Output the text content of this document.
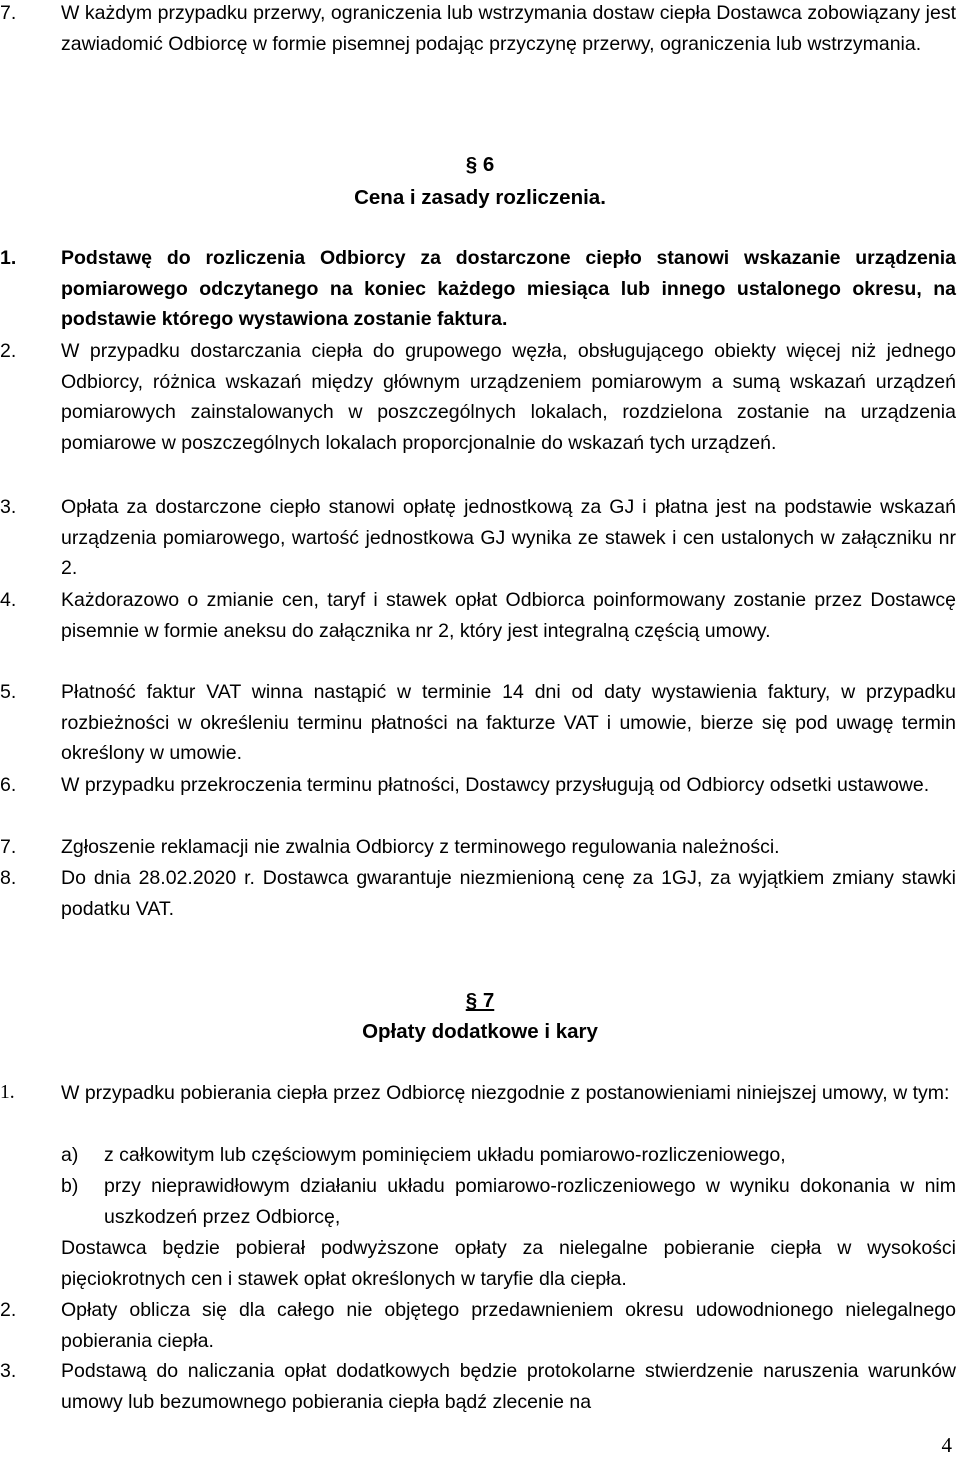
7.	W każdym przypadku przerwy, ograniczenia lub wstrzymania dostaw ciepła Dostawca zobowiązany jest zawiadomić Odbiorcę w formie pisemnej podając przyczynę przerwy, ograniczenia lub wstrzymania.
§ 6
Cena i zasady rozliczenia.
1.	Podstawę do rozliczenia Odbiorcy za dostarczone ciepło stanowi wskazanie urządzenia pomiarowego odczytanego na koniec każdego miesiąca lub innego ustalonego okresu, na podstawie którego wystawiona zostanie faktura.
2.	W przypadku dostarczania ciepła do grupowego węzła, obsługującego obiekty więcej niż jednego Odbiorcy, różnica wskazań między głównym urządzeniem pomiarowym a sumą wskazań urządzeń pomiarowych zainstalowanych w poszczególnych lokalach, rozdzielona zostanie na urządzenia pomiarowe w poszczególnych lokalach proporcjonalnie do wskazań tych urządzeń.
3.	Opłata za dostarczone ciepło stanowi opłatę jednostkową za GJ i płatna jest na podstawie wskazań urządzenia pomiarowego, wartość jednostkowa GJ wynika ze stawek i cen ustalonych w załączniku nr 2.
4.	Każdorazowo o zmianie cen, taryf i stawek opłat Odbiorca poinformowany zostanie przez Dostawcę pisemnie w formie aneksu do załącznika nr 2, który jest integralną częścią umowy.
5.	Płatność faktur VAT winna nastąpić w terminie 14 dni od daty wystawienia faktury, w przypadku rozbieżności w określeniu terminu płatności na fakturze VAT i umowie, bierze się pod uwagę termin określony w umowie.
6.	W przypadku przekroczenia terminu płatności, Dostawcy przysługują od Odbiorcy odsetki ustawowe.
7.	Zgłoszenie reklamacji nie zwalnia Odbiorcy z terminowego regulowania należności.
8.	Do dnia 28.02.2020 r. Dostawca gwarantuje niezmienioną cenę za 1GJ, za wyjątkiem zmiany stawki podatku VAT.
§ 7
Opłaty dodatkowe i kary
1.	W przypadku pobierania ciepła przez Odbiorcę niezgodnie z postanowieniami niniejszej umowy, w tym:
a) z całkowitym lub częściowym pominięciem układu pomiarowo-rozliczeniowego,
b) przy nieprawidłowym działaniu układu pomiarowo-rozliczeniowego w wyniku dokonania w nim uszkodzeń przez Odbiorcę,
Dostawca będzie pobierał podwyższone opłaty za nielegalne pobieranie ciepła w wysokości pięciokrotnych cen i stawek opłat określonych w taryfie dla ciepła.
2.	Opłaty oblicza się dla całego nie objętego przedawnieniem okresu udowodnionego nielegalnego pobierania ciepła.
3.	Podstawą do naliczania opłat dodatkowych będzie protokolarne stwierdzenie naruszenia warunków umowy lub bezumownego pobierania ciepła bądź zlecenie na
4
